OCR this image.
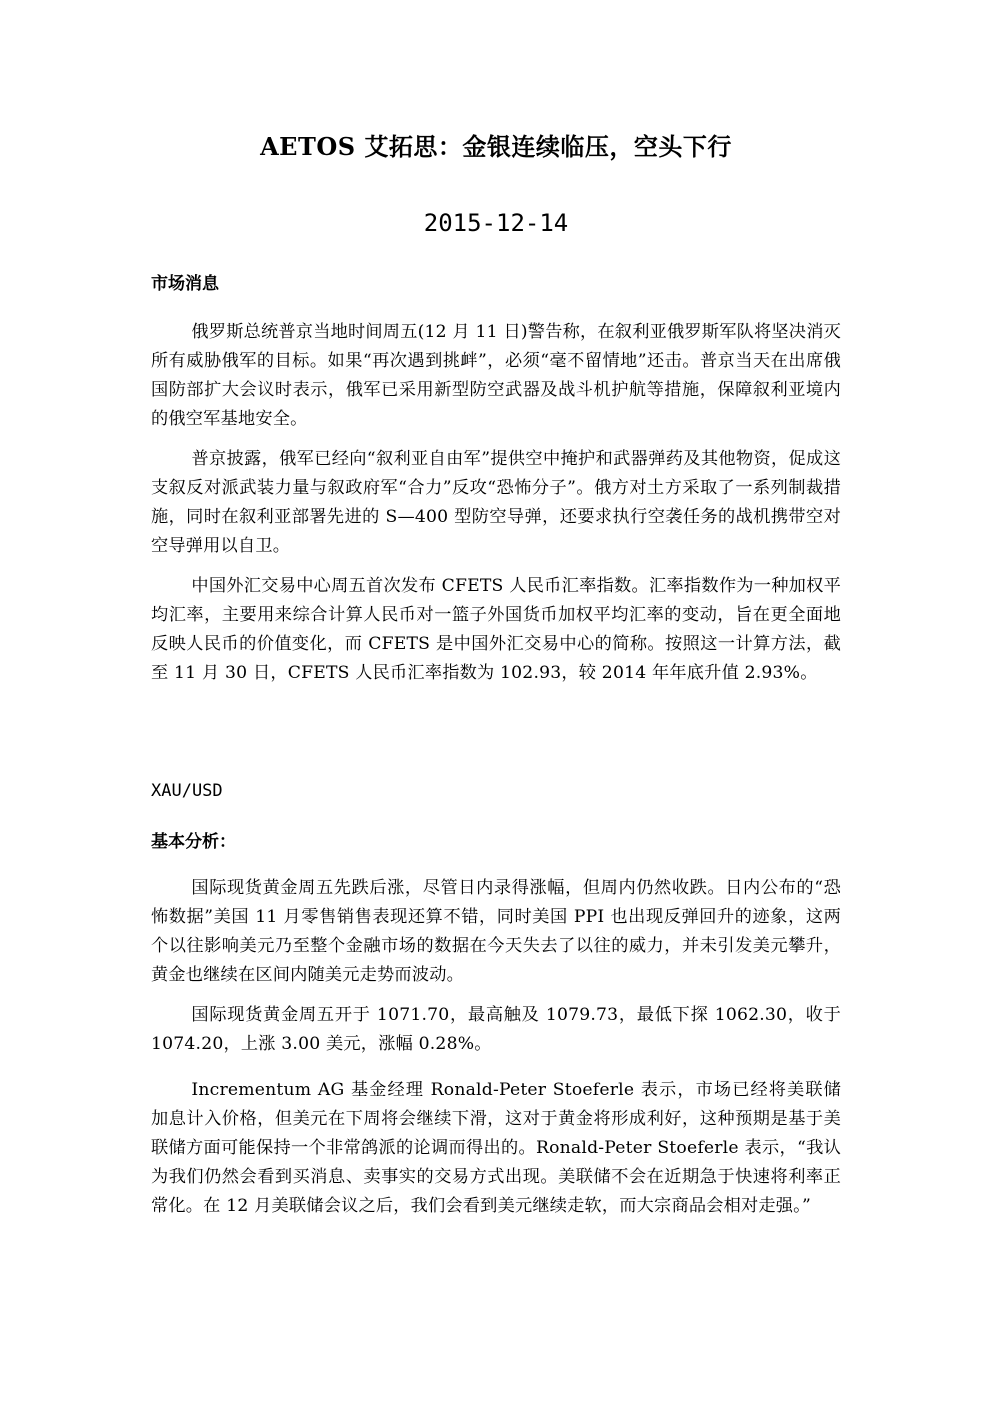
AETOS 艾拓思：金银连续临压，空头下行
2015-12-14
市场消息

俄罗斯总统普京当地时间周五(12 月 11 日)警告称，在叙利亚俄罗斯军队将坚决消灭所有威胁俄军的目标。如果“再次遇到挑衅”，必须“毫不留情地”还击。普京当天在出席俄国防部扩大会议时表示，俄军已采用新型防空武器及战斗机护航等措施，保障叙利亚境内的俄空军基地安全。

普京披露，俄军已经向“叙利亚自由军”提供空中掩护和武器弹药及其他物资，促成这支叙反对派武装力量与叙政府军“合力”反攻“恐怖分子”。俄方对土方采取了一系列制裁措施，同时在叙利亚部署先进的 S—400 型防空导弹，还要求执行空袭任务的战机携带空对空导弹用以自卫。

中国外汇交易中心周五首次发布 CFETS 人民币汇率指数。汇率指数作为一种加权平均汇率，主要用来综合计算人民币对一篮子外国货币加权平均汇率的变动，旨在更全面地反映人民币的价值变化，而 CFETS 是中国外汇交易中心的简称。按照这一计算方法，截至 11 月 30 日，CFETS 人民币汇率指数为 102.93，较 2014 年年底升值 2.93%。

XAU/USD
基本分析：

国际现货黄金周五先跌后涨，尽管日内录得涨幅，但周内仍然收跌。日内公布的“恐怖数据”美国 11 月零售销售表现还算不错，同时美国 PPI 也出现反弹回升的迹象，这两个以往影响美元乃至整个金融市场的数据在今天失去了以往的威力，并未引发美元攀升，黄金也继续在区间内随美元走势而波动。

国际现货黄金周五开于 1071.70，最高触及 1079.73，最低下探 1062.30，收于 1074.20，上涨 3.00 美元，涨幅 0.28%。

Incrementum AG 基金经理 Ronald-Peter Stoeferle 表示，市场已经将美联储加息计入价格，但美元在下周将会继续下滑，这对于黄金将形成利好，这种预期是基于美联储方面可能保持一个非常鸽派的论调而得出的。Ronald-Peter Stoeferle 表示，“我认为我们仍然会看到买消息、卖事实的交易方式出现。美联储不会在近期急于快速将利率正常化。在 12 月美联储会议之后，我们会看到美元继续走软，而大宗商品会相对走强。”
